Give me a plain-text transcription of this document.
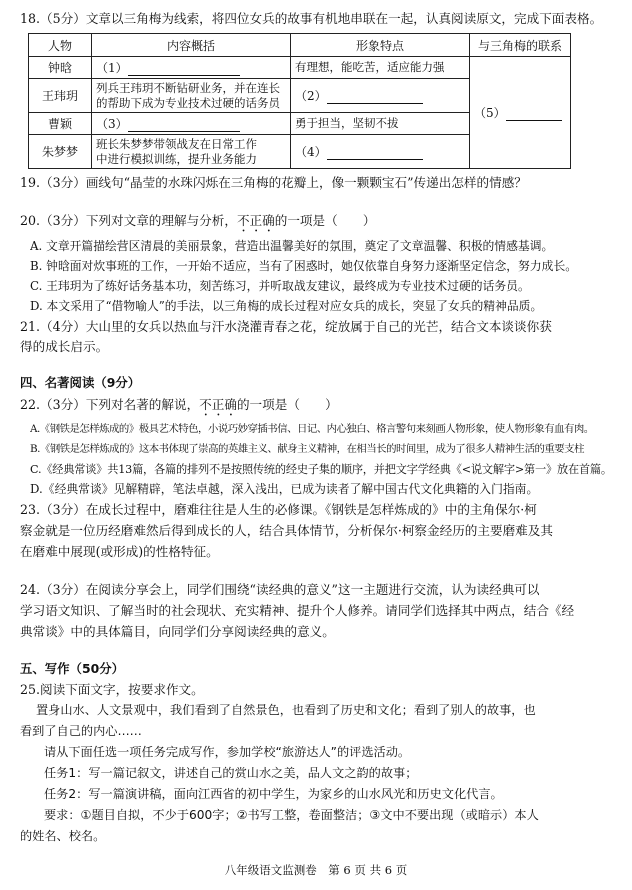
18.（5分）文章以三角梅为线索，将四位女兵的故事有机地串联在一起，认真阅读原文，完成下面表格。
人物	内容概括	形象特点	与三角梅的联系
钟晗	（1）	有理想，能吃苦，适应能力强	（5）
王玮玥	列兵王玮玥不断钻研业务，并在连长
的帮助下成为专业技术过硬的话务员	（2）	
曹颖	（3）	勇于担当，坚韧不拔	
朱梦梦	班长朱梦梦带领战友在日常工作
中进行模拟训练，提升业务能力	（4）	
19.（3分）画线句“晶莹的水珠闪烁在三角梅的花瓣上，像一颗颗宝石”传递出怎样的情感？
20.（3分）下列对文章的理解与分析，不正确的一项是（　　）
A. 文章开篇描绘营区清晨的美丽景象，营造出温馨美好的氛围，奠定了文章温馨、积极的情感基调。
B. 钟晗面对炊事班的工作，一开始不适应，当有了困惑时，她仅依靠自身努力逐渐坚定信念，努力成长。
C. 王玮玥为了练好话务基本功，刻苦练习，并听取战友建议，最终成为专业技术过硬的话务员。
D. 本文采用了“借物喻人”的手法，以三角梅的成长过程对应女兵的成长，突显了女兵的精神品质。
21.（4分）大山里的女兵以热血与汗水浇灌青春之花，绽放属于自己的光芒，结合文本谈谈你获
得的成长启示。
四、名著阅读（9分）
22.（3分）下列对名著的解说，不正确的一项是（　　）
A.《钢铁是怎样炼成的》极具艺术特色，小说巧妙穿插书信、日记、内心独白、格言警句来刻画人物形象，使人物形象有血有肉。
B.《钢铁是怎样炼成的》这本书体现了崇高的英雄主义、献身主义精神，在相当长的时间里，成为了很多人精神生活的重要支柱
C.《经典常谈》共13篇，各篇的排列不是按照传统的经史子集的顺序，并把文字学经典《<说文解字>第一》放在首篇。
D.《经典常谈》见解精辟，笔法卓越，深入浅出，已成为读者了解中国古代文化典籍的入门指南。
23.（3分）在成长过程中，磨难往往是人生的必修课。《钢铁是怎样炼成的》中的主角保尔·柯
察金就是一位历经磨难然后得到成长的人，结合具体情节，分析保尔·柯察金经历的主要磨难及其
在磨难中展现(或形成)的性格特征。
24.（3分）在阅读分享会上，同学们围绕“读经典的意义”这一主题进行交流，认为读经典可以
学习语文知识、了解当时的社会现状、充实精神、提升个人修养。请同学们选择其中两点，结合《经
典常谈》中的具体篇目，向同学们分享阅读经典的意义。
五、写作（50分）
25.阅读下面文字，按要求作文。
置身山水、人文景观中，我们看到了自然景色，也看到了历史和文化；看到了别人的故事，也
看到了自己的内心……
请从下面任选一项任务完成写作，参加学校“旅游达人”的评选活动。
任务1：写一篇记叙文，讲述自己的赏山水之美，品人文之韵的故事；
任务2：写一篇演讲稿，面向江西省的初中学生，为家乡的山水风光和历史文化代言。
要求：①题目自拟，不少于600字；②书写工整，卷面整洁；③文中不要出现（或暗示）本人
的姓名、校名。
八年级语文监测卷　第 6 页 共 6 页
